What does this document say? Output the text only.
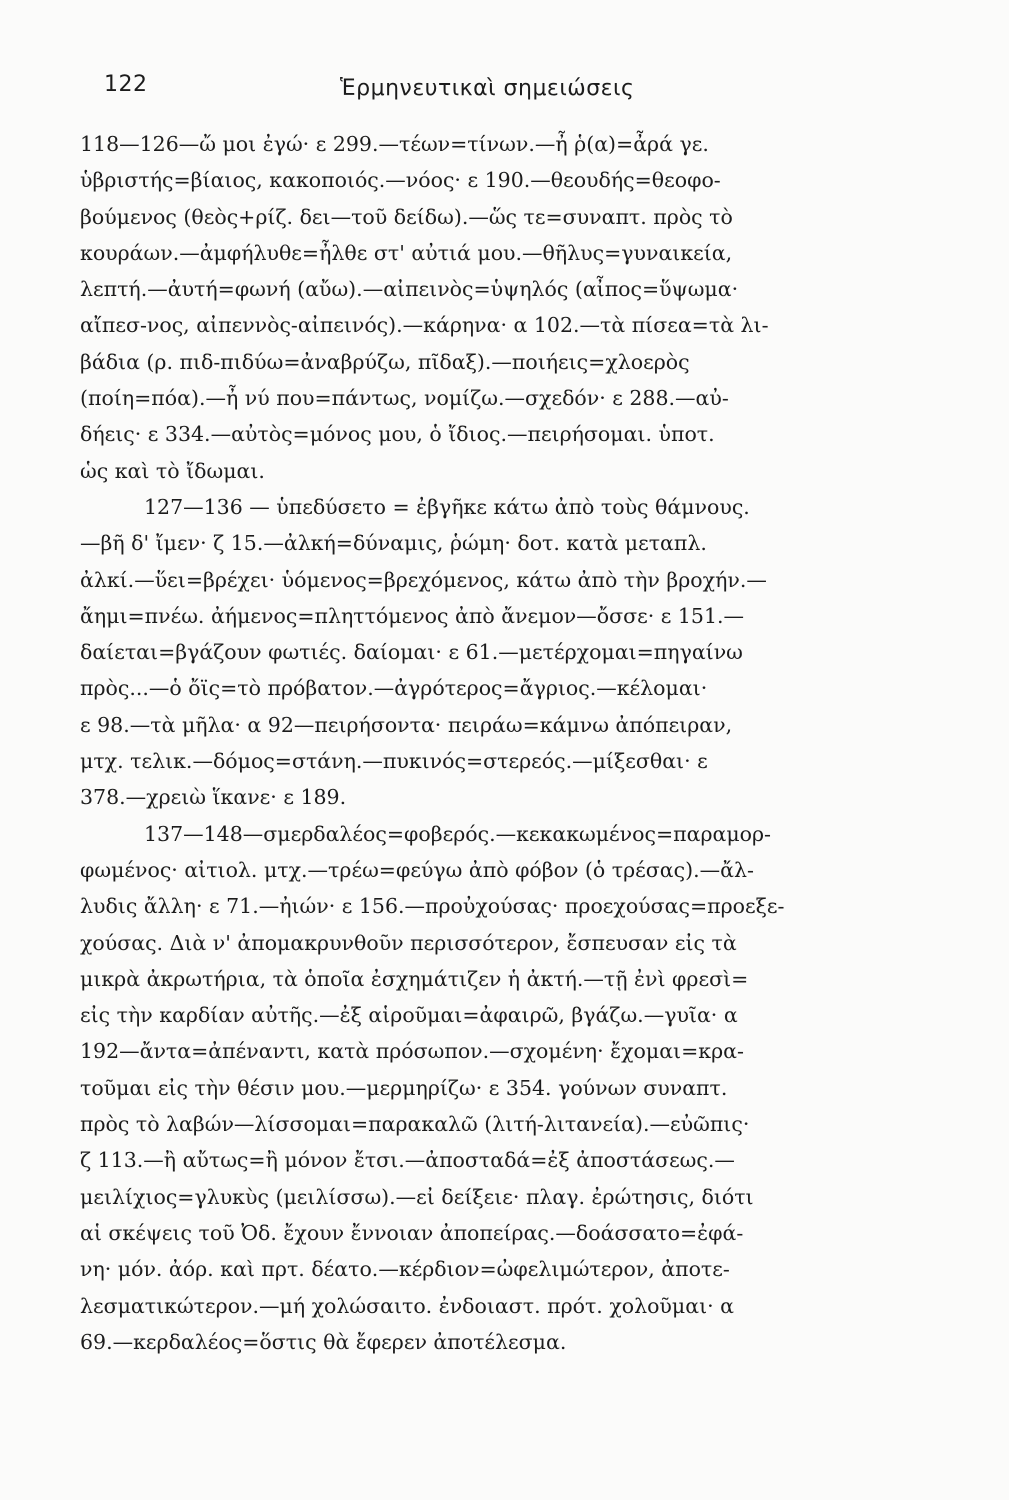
122	Ἑρμηνευτικαὶ σημειώσεις
118—126—ὤ μοι ἐγώ· ε 299.—τέων=τίνων.—ἦ ῥ(α)=ἆρά γε.
ὑβριστής=βίαιος, κακοποιός.—νόος· ε 190.—θεουδής=θεοφο-
βούμενος (θεὸς+ρίζ. δει—τοῦ δείδω).—ὥς τε=συναπτ. πρὸς τὸ
κουράων.—ἀμφήλυθε=ἦλθε στ' αὐτιά μου.—θῆλυς=γυναικεία,
λεπτή.—ἀυτή=φωνή (αὔω).—αἰπεινὸς=ὑψηλός (αἶπος=ὕψωμα·
αἴπεσ-νος, αἰπεννὸς-αἰπεινός).—κάρηνα· α 102.—τὰ πίσεα=τὰ λι-
βάδια (ρ. πιδ-πιδύω=ἀναβρύζω, πῖδαξ).—ποιήεις=χλοερὸς
(ποίη=πόα).—ἦ νύ που=πάντως, νομίζω.—σχεδόν· ε 288.—αὐ-
δήεις· ε 334.—αὐτὸς=μόνος μου, ὁ ἴδιος.—πειρήσομαι. ὑποτ.
ὡς καὶ τὸ ἴδωμαι.
127—136 — ὑπεδύσετο = ἐβγῆκε κάτω ἀπὸ τοὺς θάμνους.
—βῆ δ' ἴμεν· ζ 15.—ἀλκή=δύναμις, ῥώμη· δοτ. κατὰ μεταπλ.
ἀλκί.—ὕει=βρέχει· ὑόμενος=βρεχόμενος, κάτω ἀπὸ τὴν βροχήν.—
ἄημι=πνέω. ἀήμενος=πληττόμενος ἀπὸ ἄνεμον—ὄσσε· ε 151.—
δαίεται=βγάζουν φωτιές. δαίομαι· ε 61.—μετέρχομαι=πηγαίνω
πρὸς...—ὁ ὄϊς=τὸ πρόβατον.—ἀγρότερος=ἄγριος.—κέλομαι·
ε 98.—τὰ μῆλα· α 92—πειρήσοντα· πειράω=κάμνω ἀπόπειραν,
μτχ. τελικ.—δόμος=στάνη.—πυκινός=στερεός.—μίξεσθαι· ε
378.—χρειὼ ἵκανε· ε 189.
137—148—σμερδαλέος=φοβερός.—κεκακωμένος=παραμορ-
φωμένος· αἰτιολ. μτχ.—τρέω=φεύγω ἀπὸ φόβον (ὁ τρέσας).—ἄλ-
λυδις ἄλλη· ε 71.—ἠιών· ε 156.—προὐχούσας· προεχούσας=προεξε-
χούσας. Διὰ ν' ἀπομακρυνθοῦν περισσότερον, ἔσπευσαν εἰς τὰ
μικρὰ ἀκρωτήρια, τὰ ὁποῖα ἐσχημάτιζεν ἡ ἀκτή.—τῇ ἐνὶ φρεσὶ=
εἰς τὴν καρδίαν αὐτῆς.—ἐξ αἱροῦμαι=ἀφαιρῶ, βγάζω.—γυῖα· α
192—ἄντα=ἀπέναντι, κατὰ πρόσωπον.—σχομένη· ἔχομαι=κρα-
τοῦμαι εἰς τὴν θέσιν μου.—μερμηρίζω· ε 354. γούνων συναπτ.
πρὸς τὸ λαβών—λίσσομαι=παρακαλῶ (λιτή-λιτανεία).—εὐῶπις·
ζ 113.—ἢ αὔτως=ἢ μόνον ἔτσι.—ἀποσταδά=ἐξ ἀποστάσεως.—
μειλίχιος=γλυκὺς (μειλίσσω).—εἰ δείξειε· πλαγ. ἐρώτησις, διότι
αἱ σκέψεις τοῦ Ὀδ. ἔχουν ἔννοιαν ἀποπείρας.—δοάσσατο=ἐφά-
νη· μόν. ἀόρ. καὶ πρτ. δέατο.—κέρδιον=ὠφελιμώτερον, ἀποτε-
λεσματικώτερον.—μή χολώσαιτο. ἐνδοιαστ. πρότ. χολοῦμαι· α
69.—κερδαλέος=ὅστις θὰ ἔφερεν ἀποτέλεσμα.
